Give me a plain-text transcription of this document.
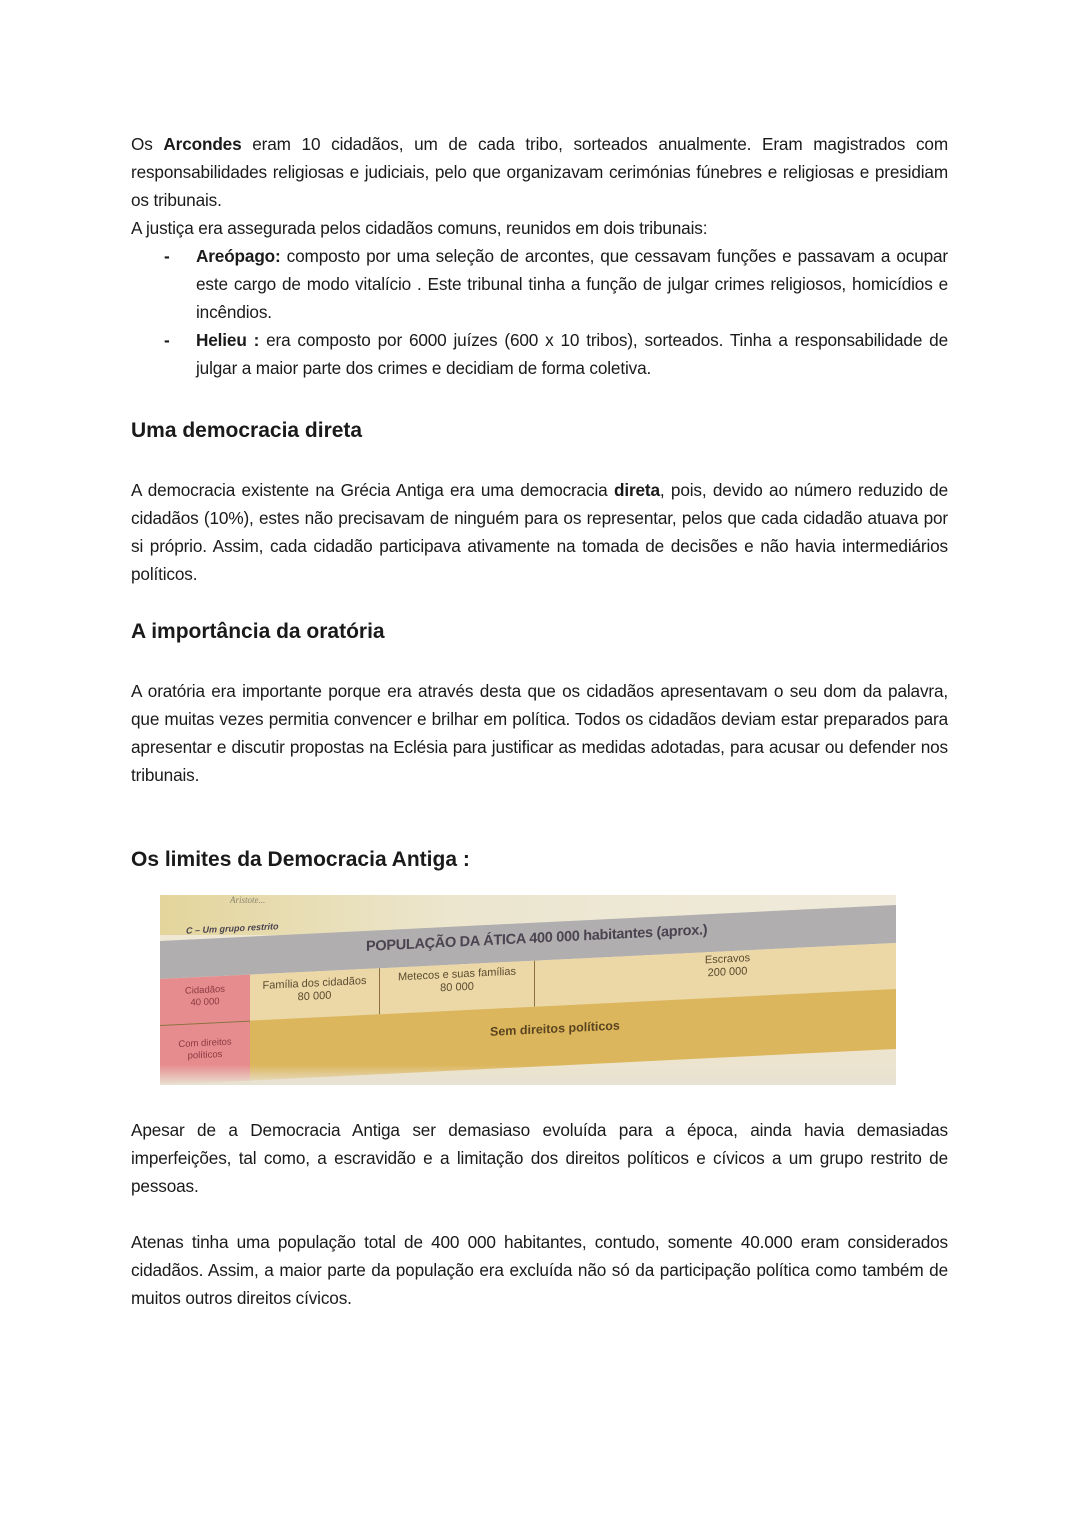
Os Arcondes eram 10 cidadãos, um de cada tribo, sorteados anualmente. Eram magistrados com responsabilidades religiosas e judiciais, pelo que organizavam cerimónias fúnebres e religiosas e presidiam os tribunais.

A justiça era assegurada pelos cidadãos comuns, reunidos em dois tribunais:

- Areópago: composto por uma seleção de arcontes, que cessavam funções e passavam a ocupar este cargo de modo vitalício . Este tribunal tinha a função de julgar crimes religiosos, homicídios e incêndios.
- Helieu : era composto por 6000 juízes (600 x 10 tribos), sorteados. Tinha a responsabilidade de julgar a maior parte dos crimes e decidiam de forma coletiva.
Uma democracia direta

A democracia existente na Grécia Antiga era uma democracia direta, pois, devido ao número reduzido de cidadãos (10%), estes não precisavam de ninguém para os representar, pelos que cada cidadão atuava por si próprio. Assim, cada cidadão participava ativamente na tomada de decisões e não havia intermediários políticos.

A importância da oratória

A oratória era importante porque era através desta que os cidadãos apresentavam o seu dom da palavra, que muitas vezes permitia convencer e brilhar em política. Todos os cidadãos deviam estar preparados para apresentar e discutir propostas na Eclésia para justificar as medidas adotadas, para acusar ou defender nos tribunais.

Os limites da Democracia Antiga :
Aristote...
C – Um grupo restrito	POPULAÇÃO DA ÁTICA 400 000 habitantes (aprox.)
Cidadãos
40 000
Família dos cidadãos
80 000
Metecos e suas famílias
80 000
Escravos
200 000
Com direitos políticos
Sem direitos políticos

Apesar de a Democracia Antiga ser demasiaso evoluída para a época, ainda havia demasiadas imperfeições, tal como, a escravidão e a limitação dos direitos políticos e cívicos a um grupo restrito de pessoas.

Atenas tinha uma população total de 400 000 habitantes, contudo, somente 40.000 eram considerados cidadãos. Assim, a maior parte da população era excluída não só da participação política como também de muitos outros direitos cívicos.
